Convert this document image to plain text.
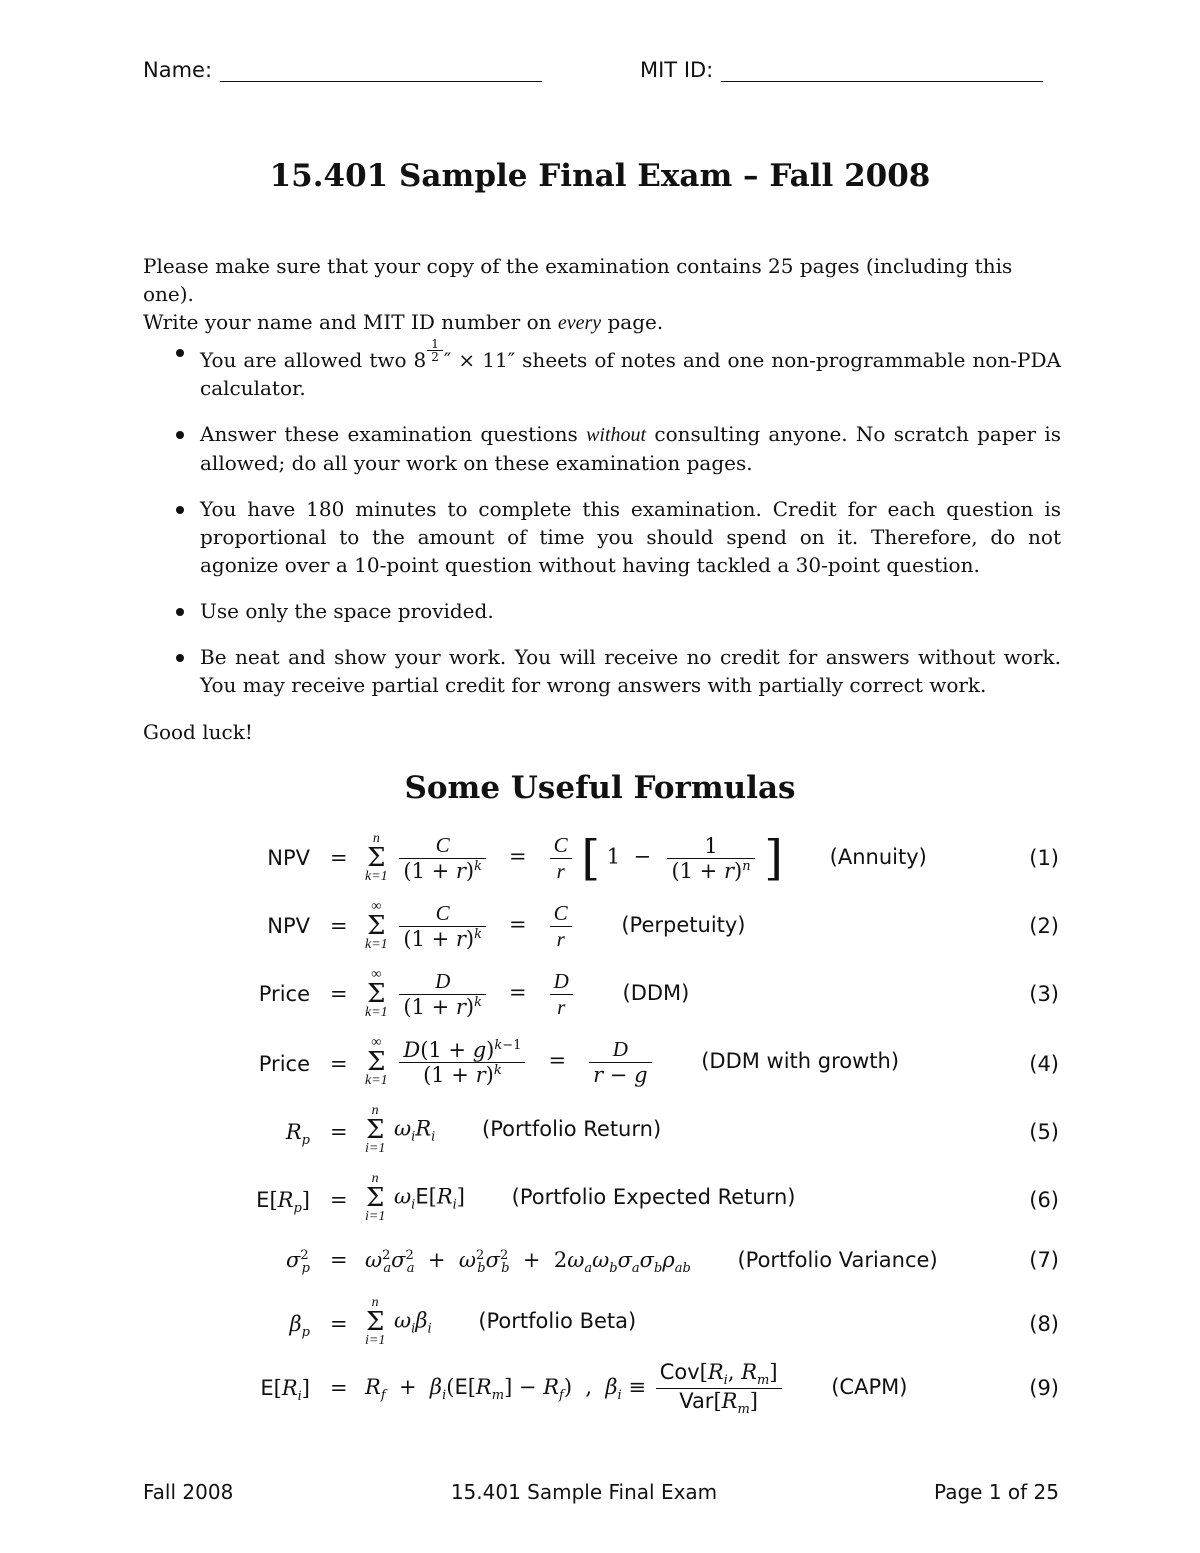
Name:	MIT ID:
15.401 Sample Final Exam – Fall 2008
Please make sure that your copy of the examination contains 25 pages (including this one).
Write your name and MIT ID number on every page.
You are allowed two $8 \frac{1}{2}$ ″ × 11″ sheets of notes and one non-programmable non-PDA calculator.
Answer these examination questions without consulting anyone. No scratch paper is allowed; do all your work on these examination pages.
You have 180 minutes to complete this examination. Credit for each question is proportional to the amount of time you should spend on it. Therefore, do not agonize over a 10-point question without having tackled a 30-point question.
Use only the space provided.
Be neat and show your work. You will receive no credit for answers without work. You may receive partial credit for wrong answers with partially correct work.
Good luck!
Some Useful Formulas
NPV =
n
Σ
k=1
$\frac{C}{(1 + r)^k} = \frac{C}{r}$ [ $1 - \frac{1}{(1 + r)^n}$ ] (Annuity)	(1)
NPV =
∞
Σ
k=1
$\frac{C}{(1 + r)^k} = \frac{C}{r}$ (Perpetuity)	(2)
Price =
∞
Σ
k=1
$\frac{D}{(1 + r)^k} = \frac{D}{r} (DDM)$	(3)
Price =
∞
Σ
k=1
$\frac{D(1 + g)^{k-1}}{(1 + r)^k} = \frac{D}{r - g} (DDM$ with growth)	(4)
$R_p$ =
n
Σ
i=1
$\omega_iR_i$ (Portfolio Return)	(5)
$E[R_p]$ =
n
Σ
i=1
$\omega_iE[R_i]$ (Portfolio Expected Return)	(6)
$\sigma^2_p = \omega^2_a\sigma^2_a + \omega^2_b\sigma^2_b + 2\omega_a\omega_b\sigma_a\sigma_b\rho_{ab}$ (Portfolio Variance)	(7)
$\beta_p$ =
n
Σ
i=1
$\omega_i\beta_i$ (Portfolio Beta)	(8)
$E[R_i] = R_f + \beta_i(E[R_m] - R_f)$  ,  $\beta_i \equiv \frac{Cov[R_i, R_m]}{Var[R_m]}$ (CAPM)	(9)
Fall 2008	15.401 Sample Final Exam	Page 1 of 25
